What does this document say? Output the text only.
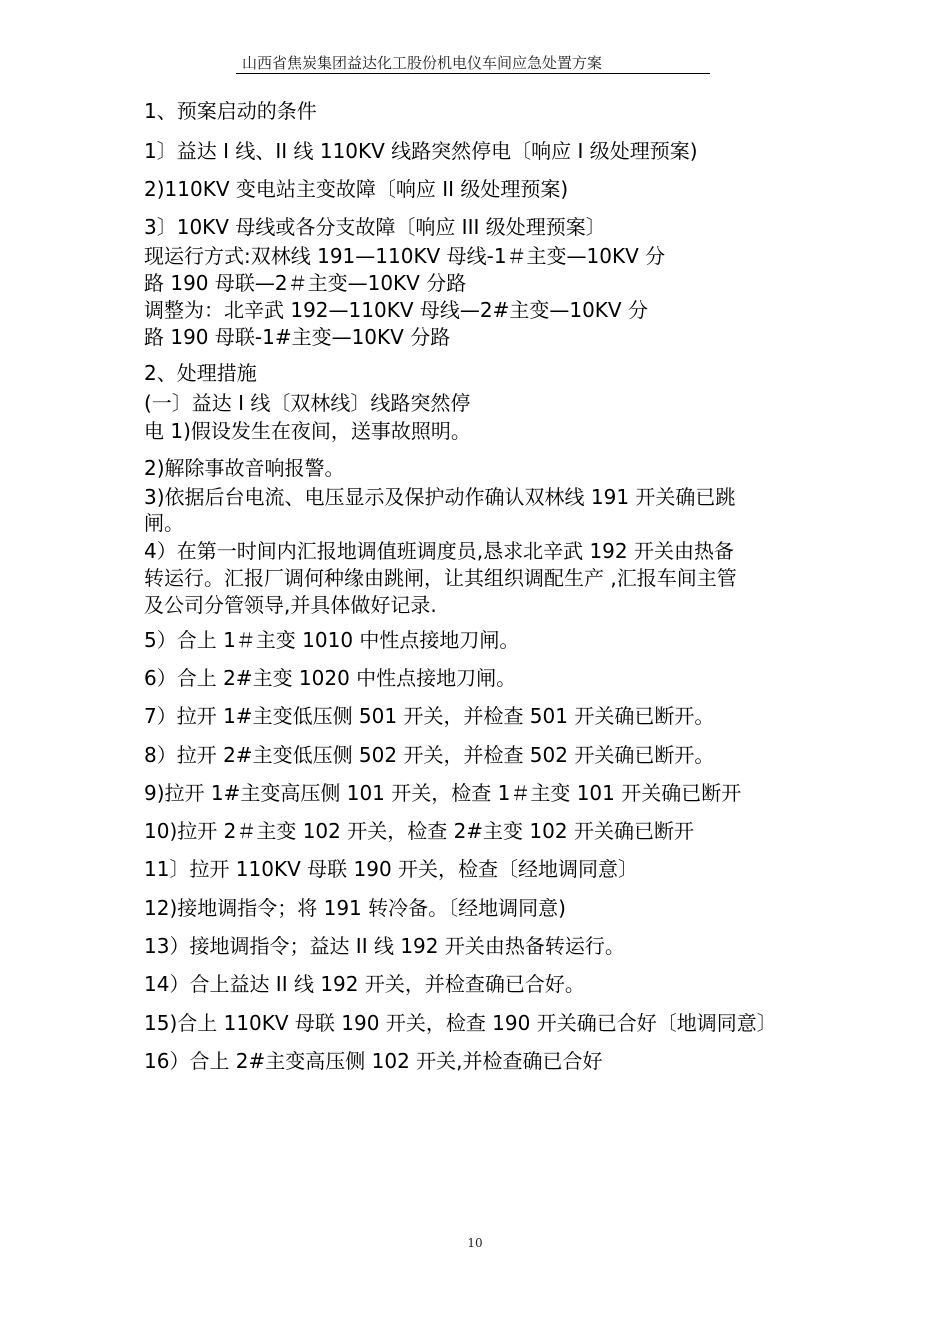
山西省焦炭集团益达化工股份机电仪车间应急处置方案
1、预案启动的条件
1〕益达 I 线、II 线 110KV 线路突然停电〔响应 I 级处理预案)
2)110KV 变电站主变故障〔响应 II 级处理预案)
3〕10KV 母线或各分支故障〔响应 III 级处理预案〕
现运行方式:双林线 191—110KV 母线-1＃主变—10KV 分
路 190 母联—2＃主变—10KV 分路
调整为：北辛武 192—110KV 母线—2#主变—10KV 分
路 190 母联-1#主变—10KV 分路
2、处理措施
(一〕益达 I 线〔双林线〕线路突然停
电 1)假设发生在夜间，送事故照明。
2)解除事故音响报警。
3)依据后台电流、电压显示及保护动作确认双林线 191 开关确已跳
闸。
4）在第一时间内汇报地调值班调度员,恳求北辛武 192 开关由热备
转运行。汇报厂调何种缘由跳闸，让其组织调配生产 ,汇报车间主管
及公司分管领导,并具体做好记录.
5）合上 1＃主变 1010 中性点接地刀闸。
6）合上 2#主变 1020 中性点接地刀闸。
7）拉开 1#主变低压侧 501 开关，并检查 501 开关确已断开。
8）拉开 2#主变低压侧 502 开关，并检查 502 开关确已断开。
9)拉开 1#主变高压侧 101 开关，检查 1＃主变 101 开关确已断开
10)拉开 2＃主变 102 开关，检查 2#主变 102 开关确已断开
11〕拉开 110KV 母联 190 开关，检查〔经地调同意〕
12)接地调指令；将 191 转冷备。〔经地调同意)
13）接地调指令；益达 II 线 192 开关由热备转运行。
14）合上益达 II 线 192 开关，并检查确已合好。
15)合上 110KV 母联 190 开关，检查 190 开关确已合好〔地调同意〕
16）合上 2#主变高压侧 102 开关,并检查确已合好
10
